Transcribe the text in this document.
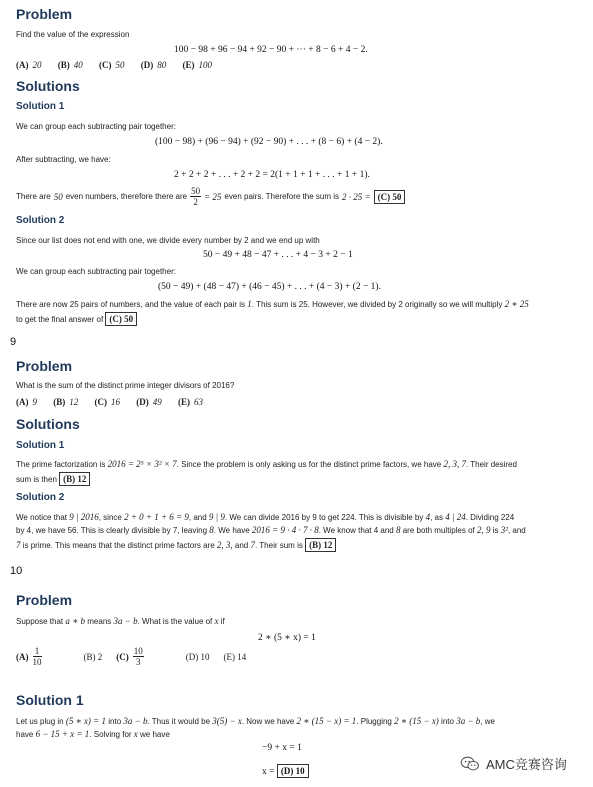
Problem
Find the value of the expression
100 − 98 + 96 − 94 + 92 − 90 + ··· + 8 − 6 + 4 − 2.
(A) 20 (B) 40 (C) 50 (D) 80 (E) 100
Solutions
Solution 1
We can group each subtracting pair together:
(100 − 98) + (96 − 94) + (92 − 90) + . . . + (8 − 6) + (4 − 2).
After subtracting, we have:
2 + 2 + 2 + . . . + 2 + 2 = 2(1 + 1 + 1 + . . . + 1 + 1).
There are 50 even numbers, therefore there are $\frac{50}{2} = 25$ even pairs. Therefore the sum is 2 · 25 = (C) 50
Solution 2
Since our list does not end with one, we divide every number by 2 and we end up with
50 − 49 + 48 − 47 + . . . + 4 − 3 + 2 − 1
We can group each subtracting pair together:
(50 − 49) + (48 − 47) + (46 − 45) + . . . + (4 − 3) + (2 − 1).
There are now 25 pairs of numbers, and the value of each pair is 1. This sum is 25. However, we divided by 2 originally so we will multiply 2 ∗ 25
to get the final answer of (C) 50
9
Problem
What is the sum of the distinct prime integer divisors of 2016?
(A) 9 (B) 12 (C) 16 (D) 49 (E) 63
Solutions
Solution 1
The prime factorization is 2016 = 2⁵ × 3² × 7. Since the problem is only asking us for the distinct prime factors, we have 2, 3, 7. Their desired
sum is then (B) 12
Solution 2
We notice that 9 | 2016, since 2 + 0 + 1 + 6 = 9, and 9 | 9. We can divide 2016 by 9 to get 224. This is divisible by 4, as 4 | 24. Dividing 224
by 4, we have 56. This is clearly divisible by 7, leaving 8. We have 2016 = 9 · 4 · 7 · 8. We know that 4 and 8 are both multiples of 2, 9 is 3², and
7 is prime. This means that the distinct prime factors are 2, 3, and 7. Their sum is (B) 12
10
Problem
Suppose that a ∗ b means 3a − b. What is the value of x if
2 ∗ (5 ∗ x) = 1
$(A) \frac{1}{10}$	(B) 2 $(C) \frac{10}{3}$	(D) 10 (E) 14
Solution 1
Let us plug in (5 ∗ x) = 1 into 3a − b. Thus it would be 3(5) − x. Now we have 2 ∗ (15 − x) = 1. Plugging 2 ∗ (15 − x) into 3a − b, we
have 6 − 15 + x = 1. Solving for x we have
−9 + x = 1
x = (D) 10	AMC竞赛咨询
